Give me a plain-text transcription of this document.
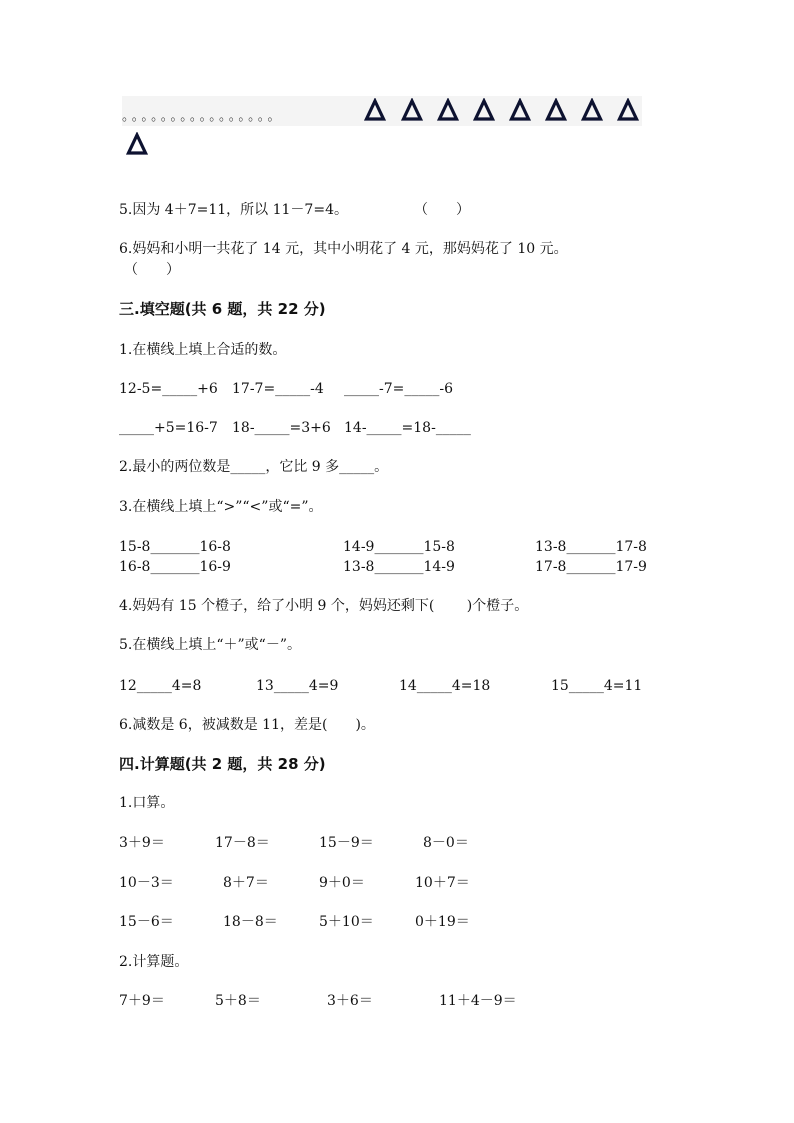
。。。。。。。。。。。。。。。。
5.因为 4＋7=11，所以 11－7=4。	（　　）
6.妈妈和小明一共花了 14 元，其中小明花了 4 元，那妈妈花了 10 元。
（　　）
三.填空题(共 6 题，共 22 分)
1.在横线上填上合适的数。
12-5=_____+6 17-7=_____-4 _____-7=_____-6
_____+5=16-7 18-_____=3+6 14-_____=18-_____
2.最小的两位数是_____，它比 9 多_____。
3.在横线上填上“>”“<”或“=”。
15-8_______16-8	14-9_______15-8	13-8_______17-8
16-8_______16-9	13-8_______14-9	17-8_______17-9
4.妈妈有 15 个橙子，给了小明 9 个，妈妈还剩下(　　 )个橙子。
5.在横线上填上“＋”或“－”。
12_____4=8	13_____4=9	14_____4=18	15_____4=11
6.减数是 6，被减数是 11，差是(　　)。
四.计算题(共 2 题，共 28 分)
1.口算。
3＋9＝	17－8＝	15－9＝	8－0＝
10－3＝	8＋7＝	9＋0＝	10＋7＝
15－6＝	18－8＝	5＋10＝	0＋19＝
2.计算题。
7＋9＝	5＋8＝	3＋6＝	11＋4－9＝
